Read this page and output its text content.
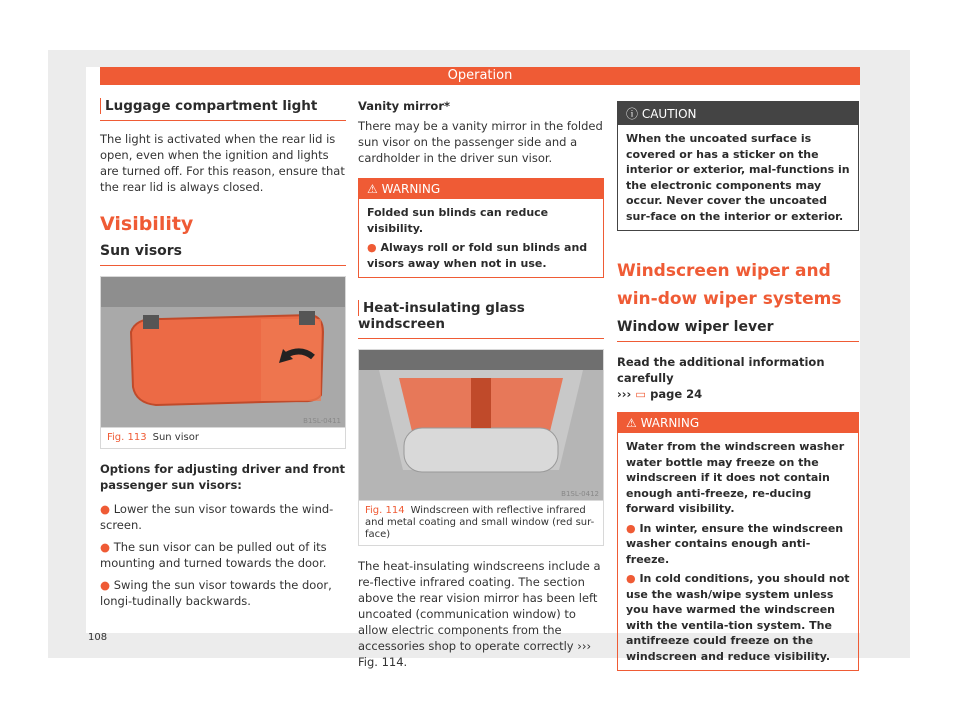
Operation
Luggage compartment light

The light is activated when the rear lid is open, even when the ignition and lights are turned off. For this reason, ensure that the rear lid is always closed.

Visibility
Sun visors
B1SL-0411
Fig. 113 Sun visor

Options for adjusting driver and front passenger sun visors:

● Lower the sun visor towards the wind-screen.
● The sun visor can be pulled out of its mounting and turned towards the door.
● Swing the sun visor towards the door, longi-tudinally backwards.

Vanity mirror*

There may be a vanity mirror in the folded sun visor on the passenger side and a cardholder in the driver sun visor.

⚠ WARNING
Folded sun blinds can reduce visibility.
● Always roll or fold sun blinds and visors away when not in use.
Heat-insulating glass windscreen
B1SL-0412
Fig. 114 Windscreen with reflective infrared and metal coating and small window (red sur-face)

The heat-insulating windscreens include a re-flective infrared coating. The section above the rear vision mirror has been left uncoated (communication window) to allow electric components from the accessories shop to operate correctly ››› Fig. 114.

ⓘ CAUTION
When the uncoated surface is covered or has a sticker on the interior or exterior, mal-functions in the electronic components may occur. Never cover the uncoated sur-face on the interior or exterior.
Windscreen wiper and win-dow wiper systems
Window wiper lever

Read the additional information carefully
››› ▭ page 24

⚠ WARNING
Water from the windscreen washer water bottle may freeze on the windscreen if it does not contain enough anti-freeze, re-ducing forward visibility.
● In winter, ensure the windscreen washer contains enough anti-freeze.
● In cold conditions, you should not use the wash/wipe system unless you have warmed the windscreen with the ventila-tion system. The antifreeze could freeze on the windscreen and reduce visibility.
108
